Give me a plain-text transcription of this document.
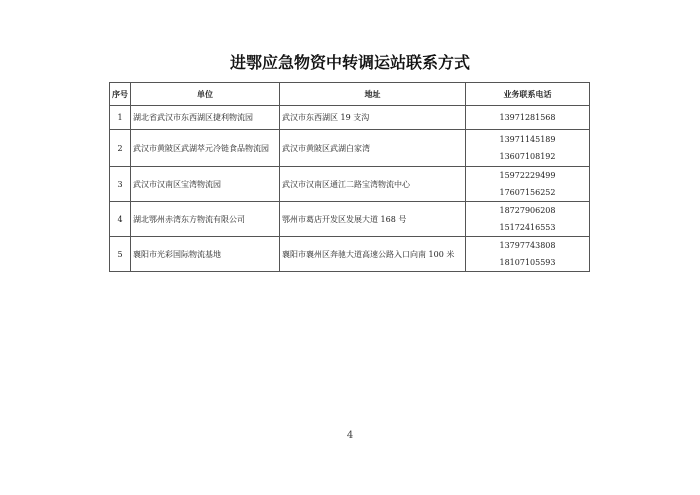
进鄂应急物资中转调运站联系方式
序号	单位	地址	业务联系电话
1	湖北省武汉市东西湖区捷利物流园	武汉市东西湖区 19 支沟	13971281568

2	武汉市黄陂区武湖萃元冷链食品物流园	武汉市黄陂区武湖白家湾	13971145189
13607108192

3	武汉市汉南区宝湾物流园	武汉市汉南区通江二路宝湾物流中心	15972229499
17607156252

4	湖北鄂州赤湾东方物流有限公司	鄂州市葛店开发区发展大道 168 号	18727906208
15172416553

5	襄阳市光彩国际物流基地	襄阳市襄州区奔驰大道高速公路入口向南 100 米	13797743808
18107105593
4
